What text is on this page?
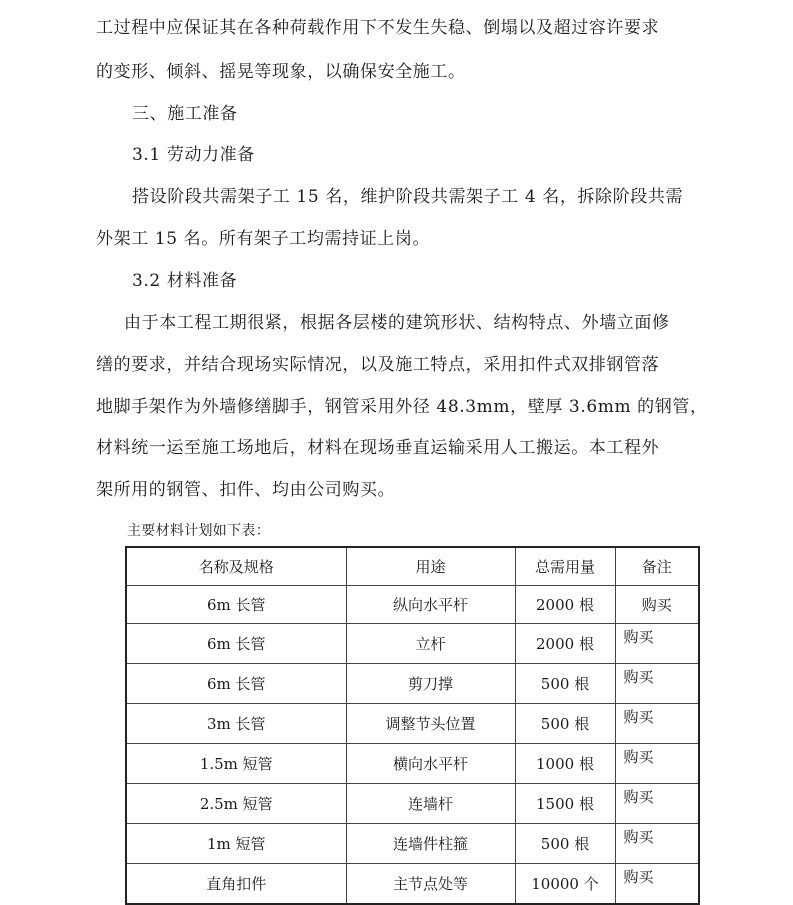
工过程中应保证其在各种荷载作用下不发生失稳、倒塌以及超过容许要求
的变形、倾斜、摇晃等现象，以确保安全施工。
三、施工准备
3.1 劳动力准备
搭设阶段共需架子工 15 名，维护阶段共需架子工 4 名，拆除阶段共需
外架工 15 名。所有架子工均需持证上岗。
3.2 材料准备
由于本工程工期很紧，根据各层楼的建筑形状、结构特点、外墙立面修
缮的要求，并结合现场实际情况，以及施工特点，采用扣件式双排钢管落
地脚手架作为外墙修缮脚手，钢管采用外径 48.3mm，壁厚 3.6mm 的钢管，
材料统一运至施工场地后，材料在现场垂直运输采用人工搬运。本工程外
架所用的钢管、扣件、均由公司购买。
主要材料计划如下表：
名称及规格	用途	总需用量	备注
6m 长管	纵向水平杆	2000 根	购买
6m 长管	立杆	2000 根	购买
6m 长管	剪刀撑	500 根	购买
3m 长管	调整节头位置	500 根	购买
1.5m 短管	横向水平杆	1000 根	购买
2.5m 短管	连墙杆	1500 根	购买
1m 短管	连墙件柱箍	500 根	购买
直角扣件	主节点处等	10000 个	购买
